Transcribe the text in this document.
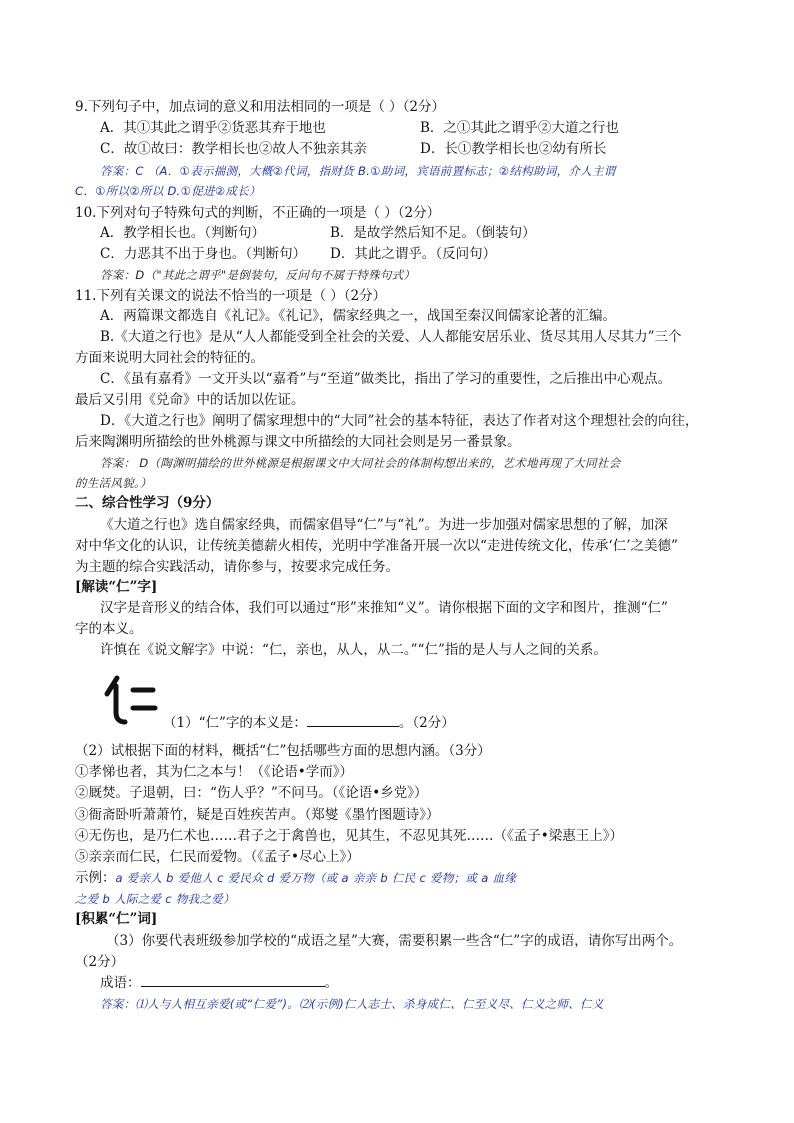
9.下列句子中，加点词的意义和用法相同的一项是（ ）（2分）
A．其①其此之谓乎②货恶其弃于地也	B．之①其此之谓乎②大道之行也
C．故①故曰：教学相长也②故人不独亲其亲	D．长①教学相长也②幼有所长
答案：C （A．①表示揣测，大概②代词，指财货 B.①助词，宾语前置标志；②结构助词，介人主谓
C．①所以②所以 D.①促进②成长）
10.下列对句子特殊句式的判断，不正确的一项是（ ）（2分）
A．教学相长也。（判断句）	B．是故学然后知不足。（倒装句）
C．力恶其不出于身也。（判断句） D．其此之谓乎。（反问句）
答案：D（"其此之谓乎"是倒装句，反问句不属于特殊句式）
11.下列有关课文的说法不恰当的一项是（ ）（2分）
A．两篇课文都选自《礼记》。《礼记》，儒家经典之一，战国至秦汉间儒家论著的汇编。
B.《大道之行也》是从“人人都能受到全社会的关爱、人人都能安居乐业、货尽其用人尽其力”三个
方面来说明大同社会的特征的。
C．《虽有嘉肴》一文开头以“嘉肴”与“至道”做类比，指出了学习的重要性，之后推出中心观点。
最后又引用《兑命》中的话加以佐证。
D．《大道之行也》阐明了儒家理想中的“大同”社会的基本特征，表达了作者对这个理想社会的向往，
后来陶渊明所描绘的世外桃源与课文中所描绘的大同社会则是另一番景象。
答案： D（陶渊明描绘的世外桃源是根据课文中大同社会的体制构想出来的，艺术地再现了大同社会
的生活风貌。）
二、综合性学习（9分）
《大道之行也》选自儒家经典，而儒家倡导“仁”与“礼”。为进一步加强对儒家思想的了解，加深
对中华文化的认识，让传统美德薪火相传，光明中学准备开展一次以“走进传统文化，传承‘仁’之美德”
为主题的综合实践活动，请你参与，按要求完成任务。
[解读“仁”字]
汉字是音形义的结合体，我们可以通过“形”来推知“义”。请你根据下面的文字和图片，推测“仁”
字的本义。
许慎在《说文解字》中说：“仁，亲也，从人，从二。”“仁”指的是人与人之间的关系。
（1）“仁”字的本义是：	。（2分）
（2）试根据下面的材料，概括“仁”包括哪些方面的思想内涵。（3分）
①孝悌也者，其为仁之本与！（《论语•学而》）
②厩焚。子退朝，曰：“伤人乎？”不问马。（《论语•乡党》）
③衙斋卧听萧萧竹，疑是百姓疾苦声。（郑燮《墨竹图题诗》）
④无伤也，是乃仁术也……君子之于禽兽也，见其生，不忍见其死……（《孟子•梁惠王上》）
⑤亲亲而仁民，仁民而爱物。（《孟子•尽心上》）
示例：a 爱亲人 b 爱他人 c 爱民众 d 爱万物（或 a 亲亲 b 仁民 c 爱物；或 a 血缘
之爱 b 人际之爱 c 物我之爱）
[积累“仁”词]
（3）你要代表班级参加学校的“成语之星”大赛，需要积累一些含“仁”字的成语，请你写出两个。
（2分）
成语：	。
答案：⑴人与人相互亲爱(或“仁爱”)。⑵(示例)仁人志士、杀身成仁、仁至义尽、仁义之师、仁义
